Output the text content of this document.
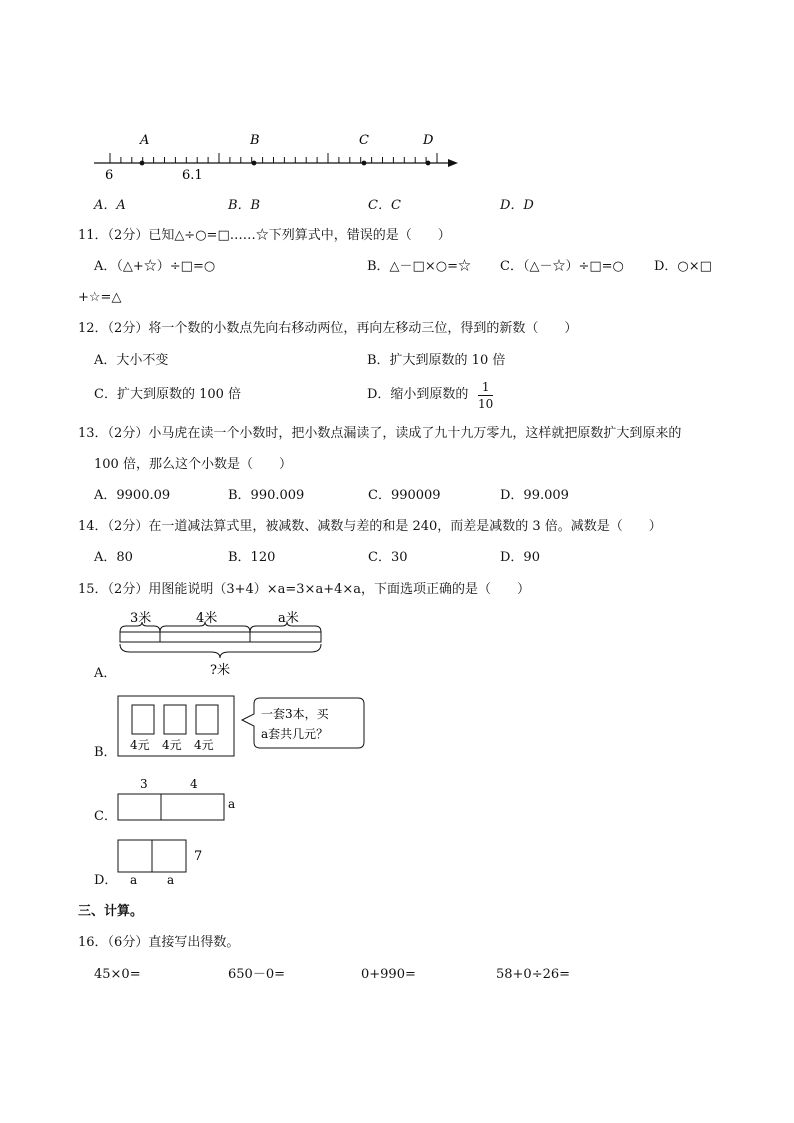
A	B	C	D
6	6.1
A．A	B．B	C．C	D．D
11．（2分）已知△÷○=□……☆下列算式中，错误的是（　　）
A．（△+☆）÷□=○	B．△－□×○=☆ C．（△－☆）÷□=○ D．○×□
+☆=△
12．（2分）将一个数的小数点先向右移动两位，再向左移动三位，得到的新数（　　）
A．大小不变	B．扩大到原数的 10 倍
C．扩大到原数的 100 倍	D．缩小到原数的 $\frac{1}{10}$
13．（2分）小马虎在读一个小数时，把小数点漏读了，读成了九十九万零九，这样就把原数扩大到原来的
100 倍，那么这个小数是（　　）
A．9900.09	B．990.009	C．990009	D．99.009
14．（2分）在一道减法算式里，被减数、减数与差的和是 240，而差是减数的 3 倍。减数是（　　）
A．80	B．120	C．30	D．90
15．（2分）用图能说明（3+4）×a=3×a+4×a，下面选项正确的是（　　）
A．
3米	4米	a米
?米
B． 4元 4元 4元
一套3本，买
a套共几元？
C．
3	4
a
D．
7
a a
三、计算。
16．（6分）直接写出得数。
45×0=	650－0=	0+990=	58+0÷26=
